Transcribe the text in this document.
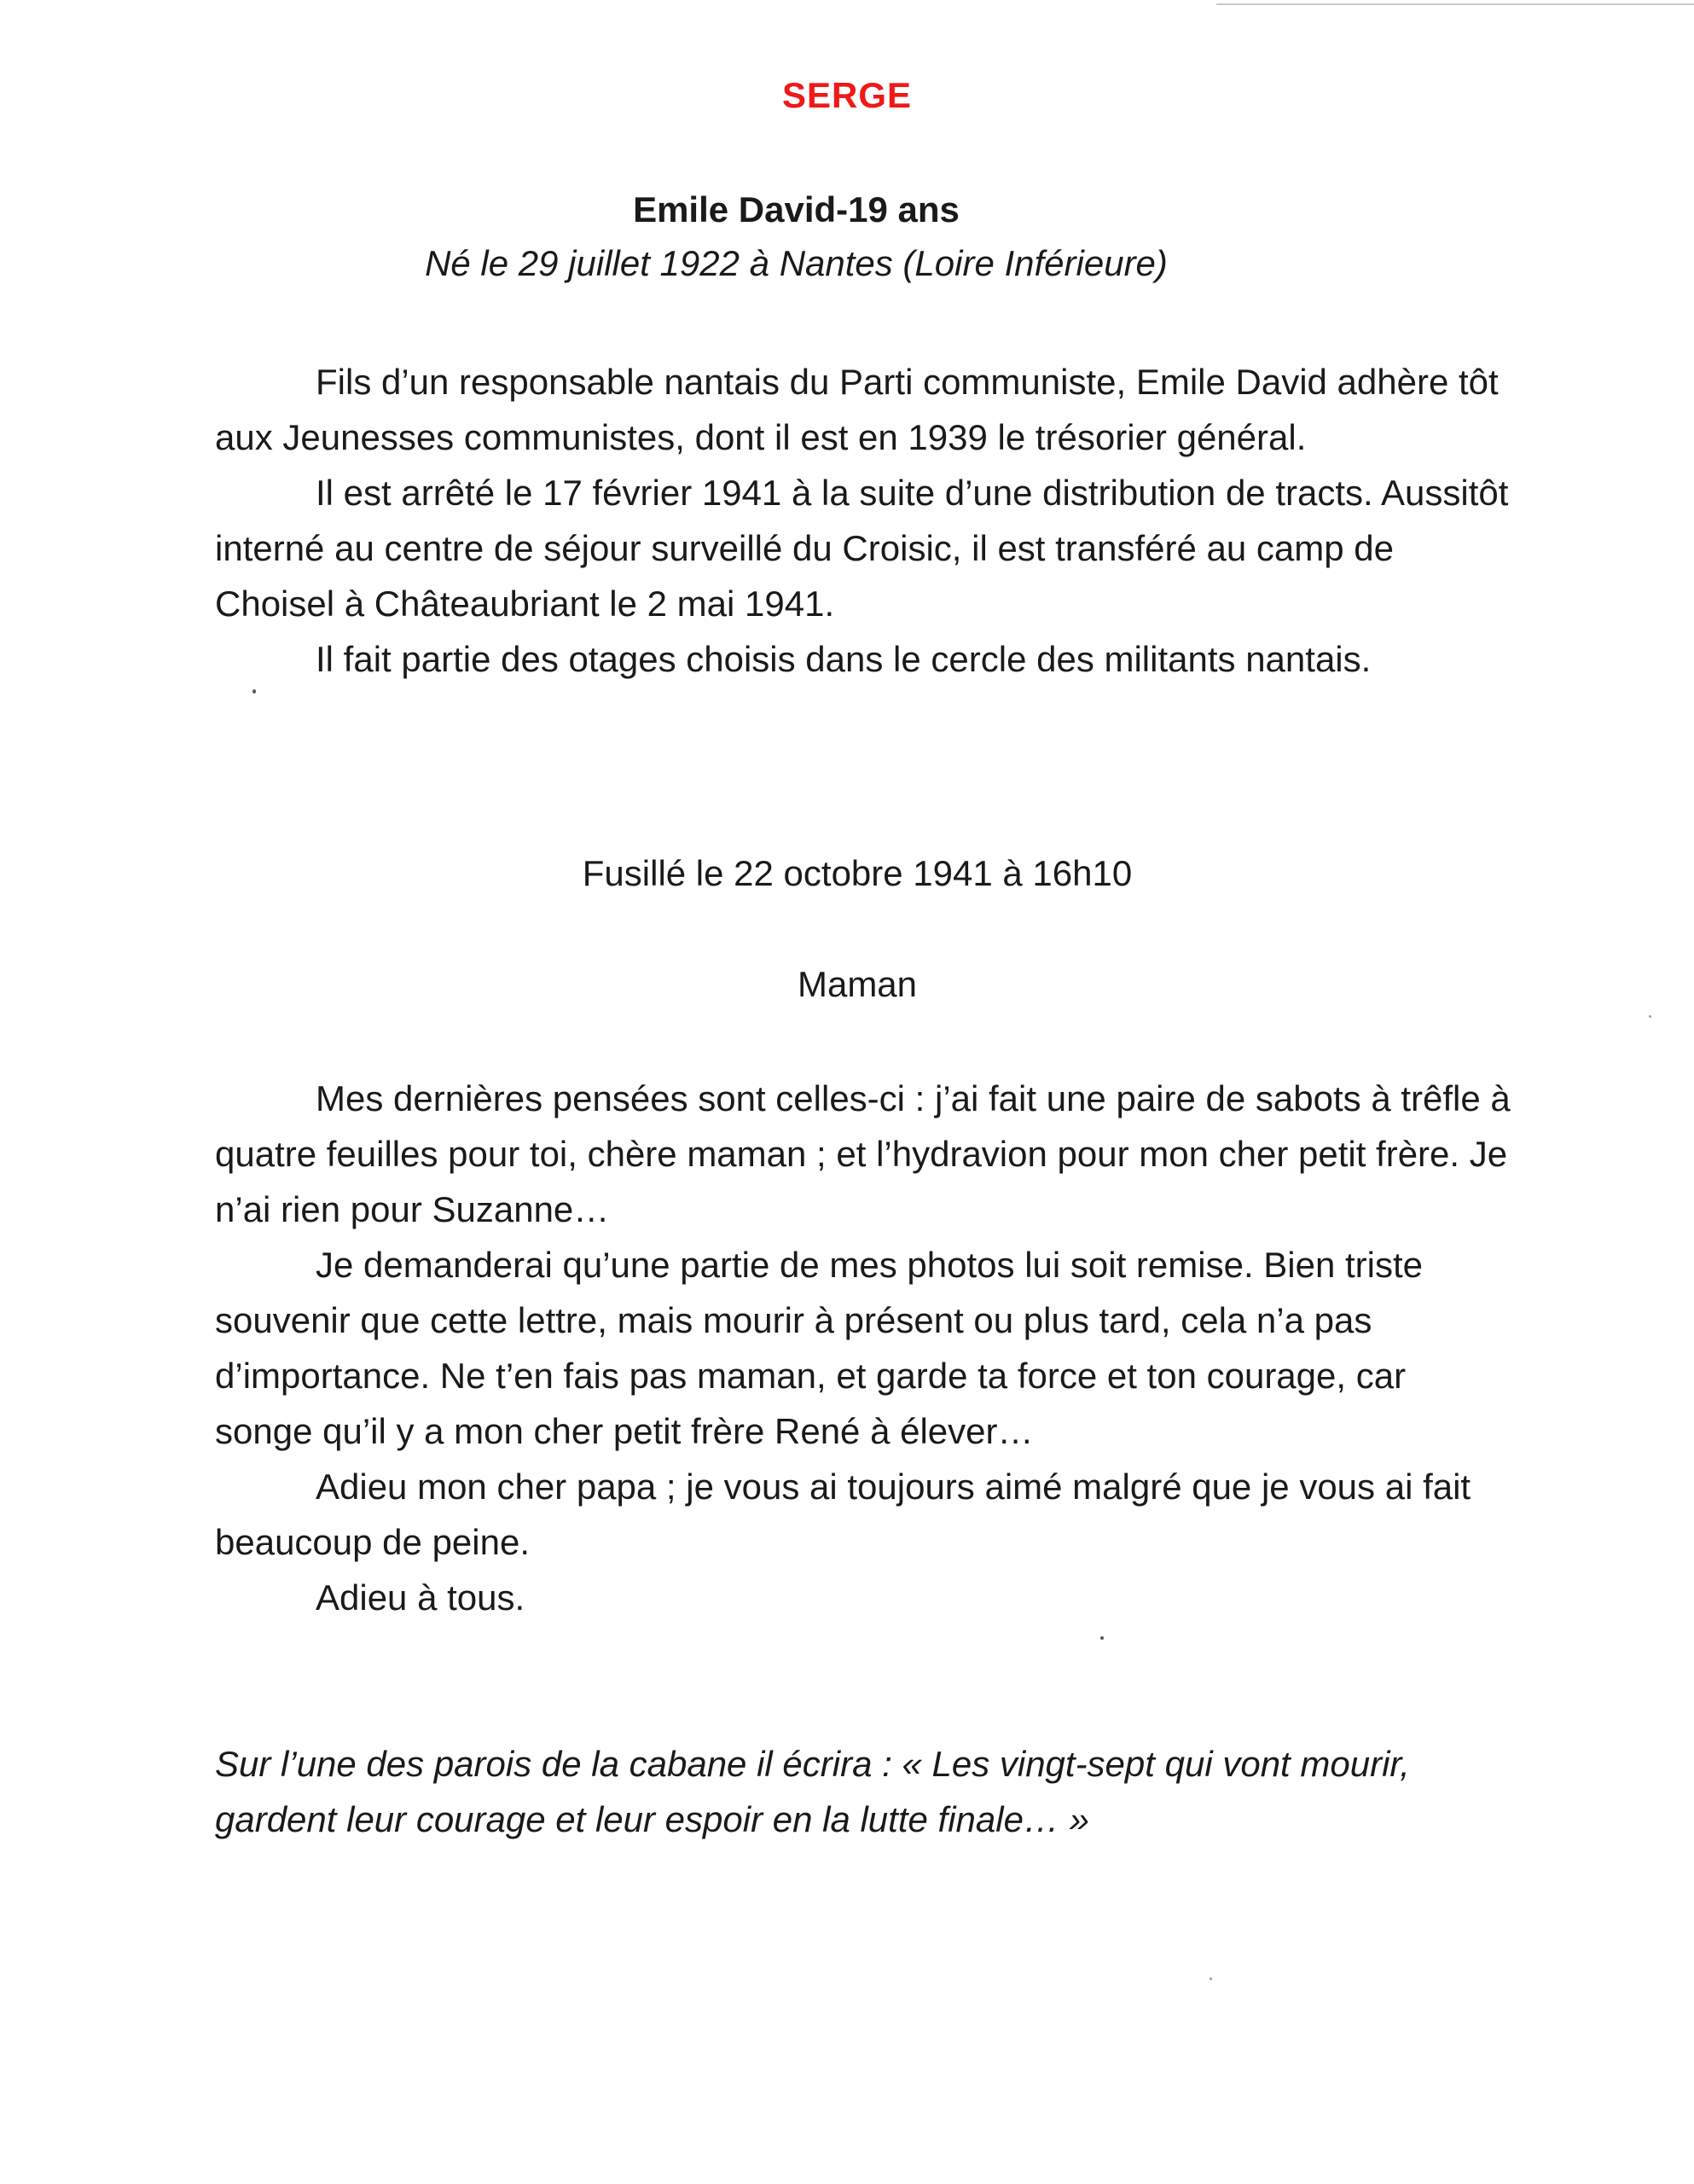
SERGE
Emile David-19 ans
Né le 29 juillet 1922 à Nantes (Loire Inférieure)

Fils d’un responsable nantais du Parti communiste, Emile David adhère tôt aux Jeunesses communistes, dont il est en 1939 le trésorier général.

Il est arrêté le 17 février 1941 à la suite d’une distribution de tracts. Aussitôt interné au centre de séjour surveillé du Croisic, il est transféré au camp de Choisel à Châteaubriant le 2 mai 1941.

Il fait partie des otages choisis dans le cercle des militants nantais.

Fusillé le 22 octobre 1941 à 16h10
Maman

Mes dernières pensées sont celles-ci : j’ai fait une paire de sabots à trêfle à quatre feuilles pour toi, chère maman ; et l’hydravion pour mon cher petit frère. Je n’ai rien pour Suzanne…

Je demanderai qu’une partie de mes photos lui soit remise. Bien triste souvenir que cette lettre, mais mourir à présent ou plus tard, cela n’a pas d’importance. Ne t’en fais pas maman, et garde ta force et ton courage, car songe qu’il y a mon cher petit frère René à élever…

Adieu mon cher papa ; je vous ai toujours aimé malgré que je vous ai fait beaucoup de peine.

Adieu à tous.

Sur l’une des parois de la cabane il écrira : « Les vingt-sept qui vont mourir, gardent leur courage et leur espoir en la lutte finale… »
